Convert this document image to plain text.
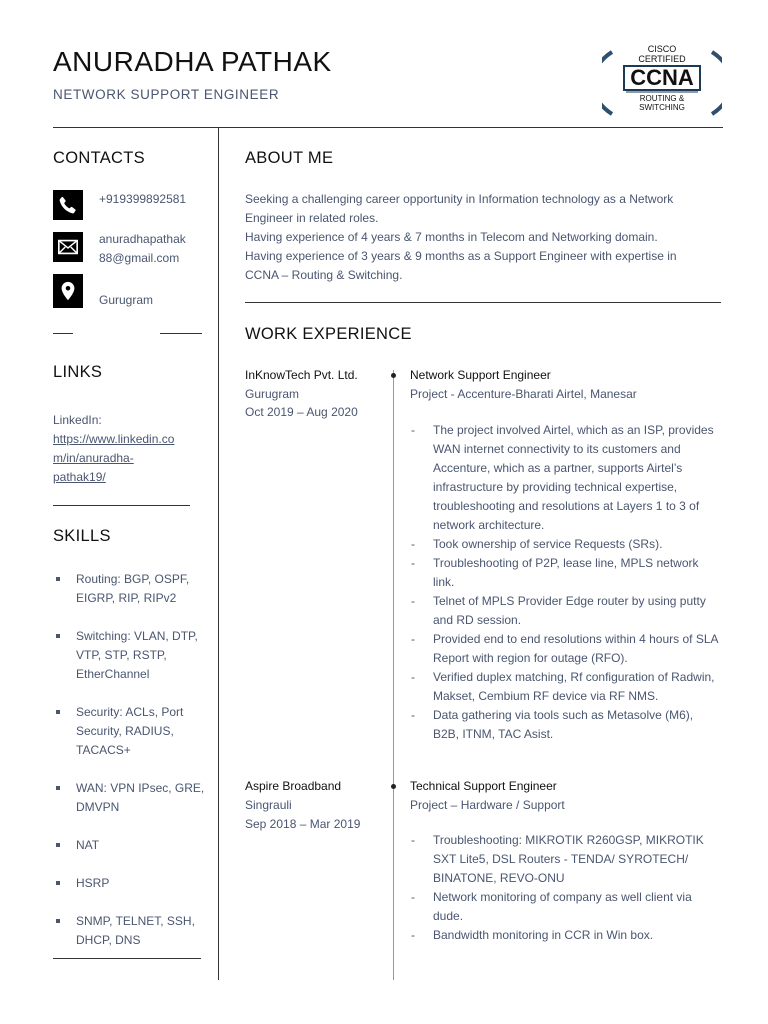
ANURADHA PATHAK
NETWORK SUPPORT ENGINEER
CISCO
CERTIFIED
CCNA
ROUTING &
SWITCHING
CONTACTS
+919399892581
anuradhapathak
88@gmail.com
Gurugram
LINKS
LinkedIn:
https://www.linkedin.co
m/in/anuradha-
pathak19/
SKILLS
Routing: BGP, OSPF, EIGRP, RIP, RIPv2
Switching: VLAN, DTP, VTP, STP, RSTP, EtherChannel
Security: ACLs, Port Security, RADIUS, TACACS+
WAN: VPN IPsec, GRE, DMVPN
NAT
HSRP
SNMP, TELNET, SSH, DHCP, DNS
ABOUT ME
Seeking a challenging career opportunity in Information technology as a Network
Engineer in related roles.
Having experience of 4 years & 7 months in Telecom and Networking domain.
Having experience of 3 years & 9 months as a Support Engineer with expertise in
CCNA – Routing & Switching.
WORK EXPERIENCE
InKnowTech Pvt. Ltd.
Gurugram
Oct 2019 – Aug 2020
Network Support Engineer
Project - Accenture-Bharati Airtel, Manesar
- The project involved Airtel, which as an ISP, provides WAN internet connectivity to its customers and Accenture, which as a partner, supports Airtel’s infrastructure by providing technical expertise, troubleshooting and resolutions at Layers 1 to 3 of network architecture.
- Took ownership of service Requests (SRs).
- Troubleshooting of P2P, lease line, MPLS network link.
- Telnet of MPLS Provider Edge router by using putty and RD session.
- Provided end to end resolutions within 4 hours of SLA Report with region for outage (RFO).
- Verified duplex matching, Rf configuration of Radwin, Makset, Cembium RF device via RF NMS.
- Data gathering via tools such as Metasolve (M6), B2B, ITNM, TAC Asist.
Aspire Broadband
Singrauli
Sep 2018 – Mar 2019
Technical Support Engineer
Project – Hardware / Support
- Troubleshooting: MIKROTIK R260GSP, MIKROTIK SXT Lite5, DSL Routers - TENDA/ SYROTECH/ BINATONE, REVO-ONU
- Network monitoring of company as well client via dude.
- Bandwidth monitoring in CCR in Win box.
